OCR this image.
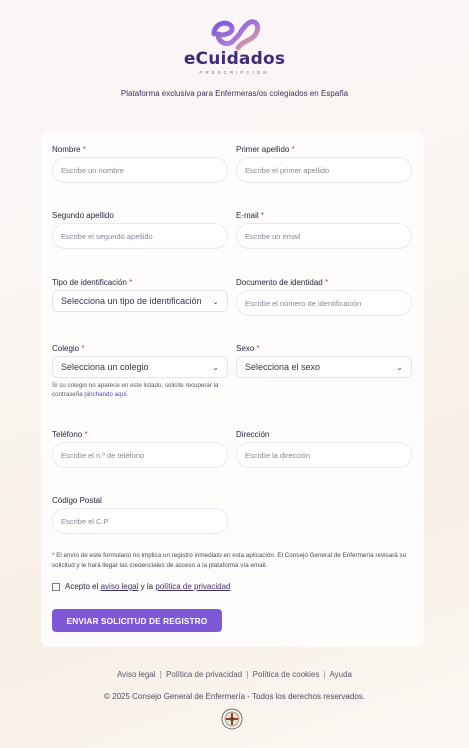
eCuidados
PRESCRIPCIÓN
Plataforma exclusiva para Enfermeras/os colegiados en España
Nombre *
Escribe un nombre
Primer apellido *
Escribe el primer apellido
Segundo apellido
Escribe el segundo apellido
E-mail *
Escribe un email
Tipo de identificación *
Selecciona un tipo de identificación ⌄
Documento de identidad *
Escribe el número de identificación
Colegio *
Selecciona un colegio	⌄
Si su colegio no aparece en este listado, solicite recuperar la contraseña pinchando aquí.
Sexo *
Selecciona el sexo	⌄
Teléfono *
Escribe el n.º de teléfono
Dirección
Escribe la dirección
Código Postal
Escribe el C.P.
* El envío de este formulario no implica un registro inmediato en esta aplicación. El Consejo General de Enfermería revisará su solicitud y le hará llegar las credenciales de acceso a la plataforma vía email.
Acepto el
aviso legal
y la
política de privacidad
ENVIAR SOLICITUD DE REGISTRO
Aviso legal | Política de privacidad | Política de cookies | Ayuda
© 2025 Consejo General de Enfermería - Todos los derechos reservados.
